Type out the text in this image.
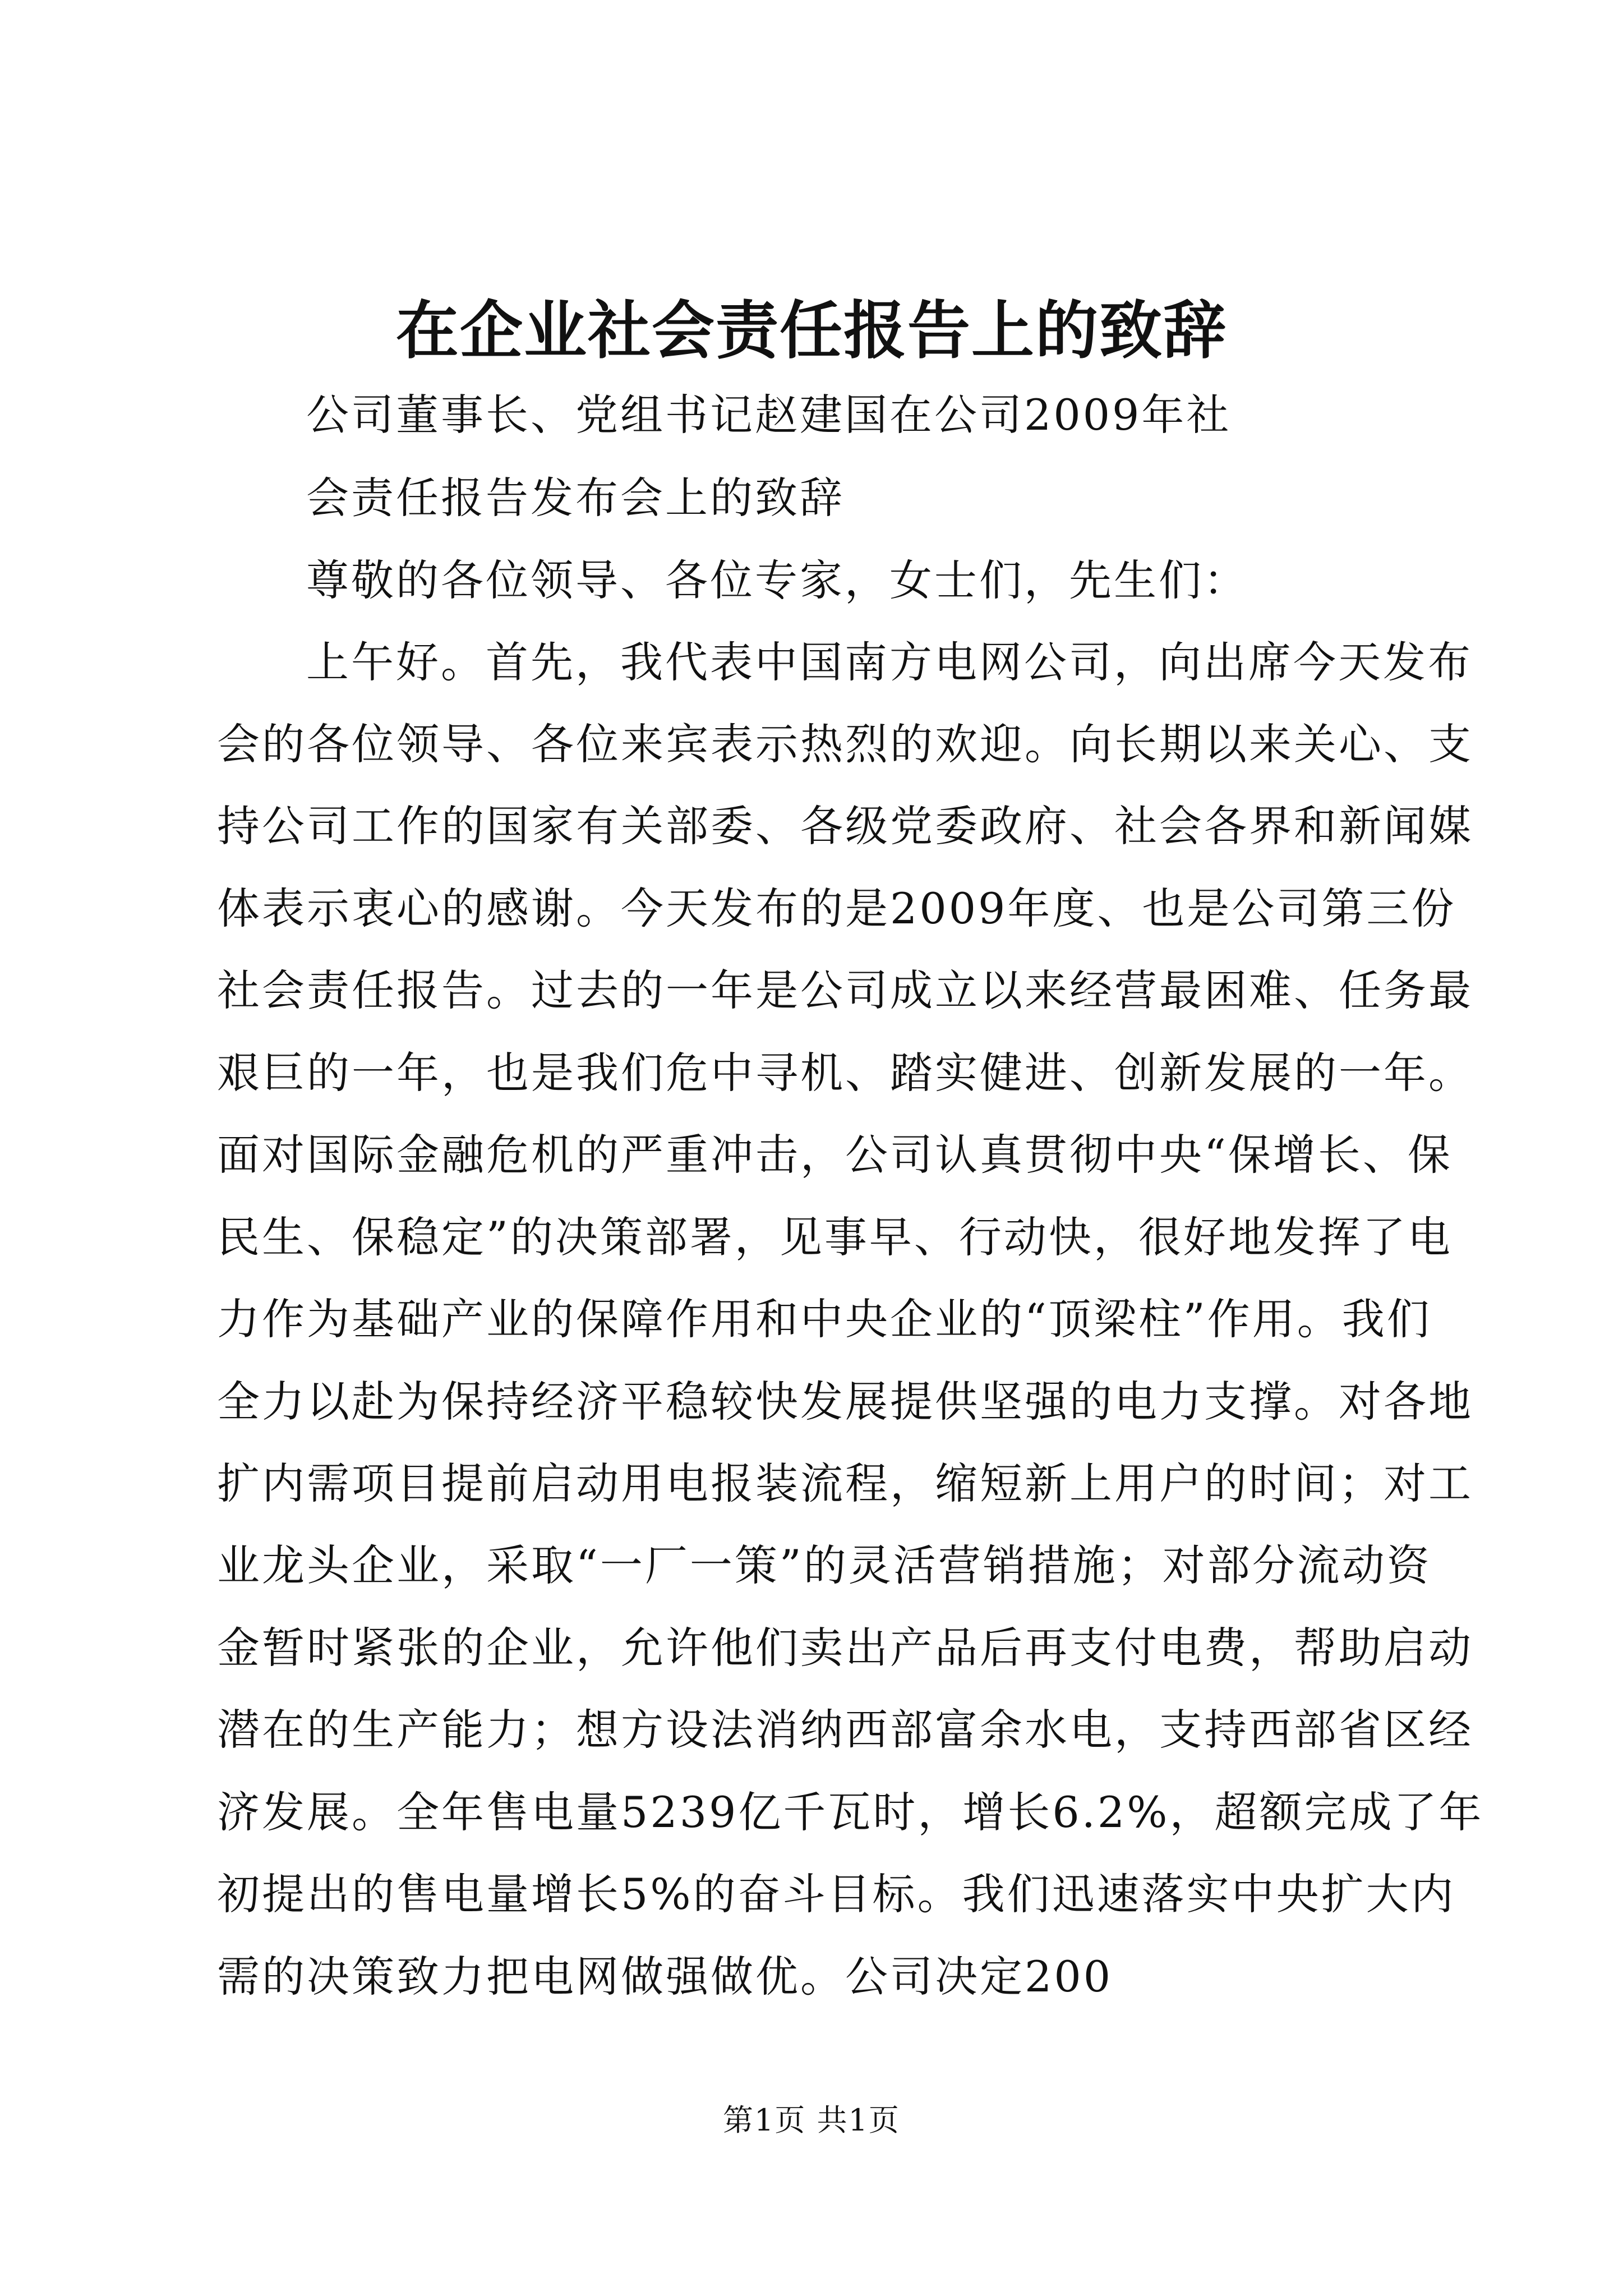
在企业社会责任报告上的致辞

公司董事长、党组书记赵建国在公司2009年社

会责任报告发布会上的致辞

尊敬的各位领导、各位专家，女士们，先生们：

上午好。首先，我代表中国南方电网公司，向出席今天发布

会的各位领导、各位来宾表示热烈的欢迎。向长期以来关心、支

持公司工作的国家有关部委、各级党委政府、社会各界和新闻媒

体表示衷心的感谢。今天发布的是2009年度、也是公司第三份

社会责任报告。过去的一年是公司成立以来经营最困难、任务最

艰巨的一年，也是我们危中寻机、踏实健进、创新发展的一年。

面对国际金融危机的严重冲击，公司认真贯彻中央“保增长、保

民生、保稳定”的决策部署，见事早、行动快，很好地发挥了电

力作为基础产业的保障作用和中央企业的“顶梁柱”作用。我们

全力以赴为保持经济平稳较快发展提供坚强的电力支撑。对各地

扩内需项目提前启动用电报装流程，缩短新上用户的时间；对工

业龙头企业，采取“一厂一策”的灵活营销措施；对部分流动资

金暂时紧张的企业，允许他们卖出产品后再支付电费，帮助启动

潜在的生产能力；想方设法消纳西部富余水电，支持西部省区经

济发展。全年售电量5239亿千瓦时，增长6.2%，超额完成了年

初提出的售电量增长5%的奋斗目标。我们迅速落实中央扩大内

需的决策致力把电网做强做优。公司决定200

第1页 共1页
